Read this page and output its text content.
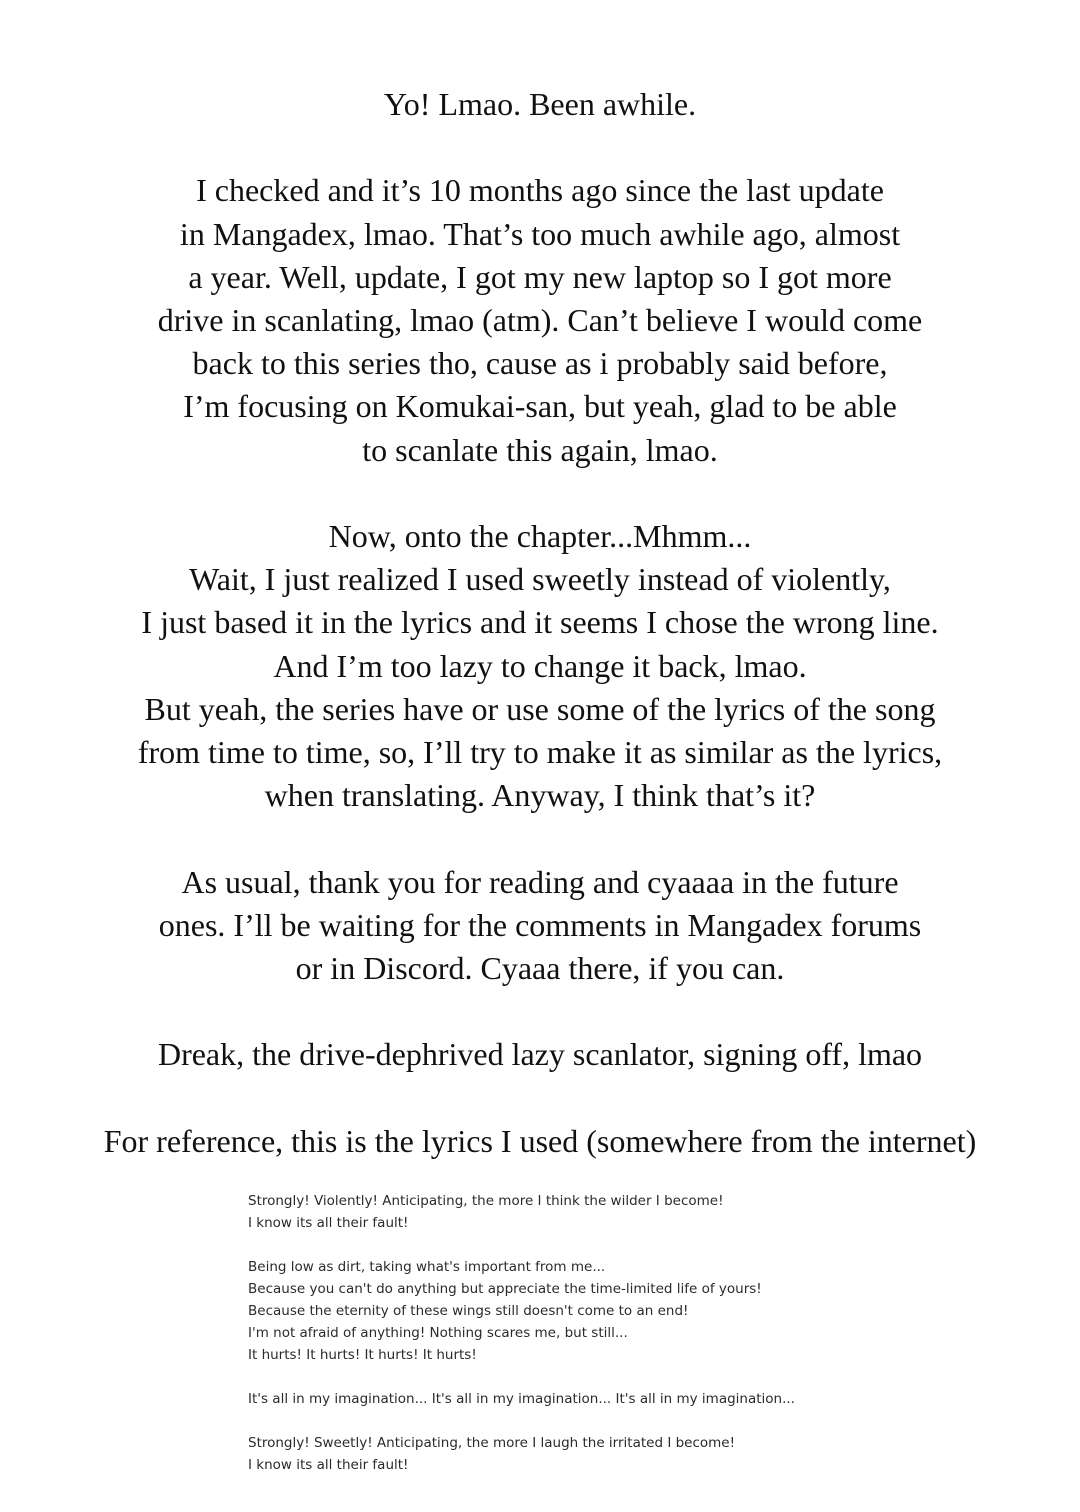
Yo! Lmao. Been awhile.

I checked and it’s 10 months ago since the last update
in Mangadex, lmao. That’s too much awhile ago, almost
a year. Well, update, I got my new laptop so I got more
drive in scanlating, lmao (atm). Can’t believe I would come
back to this series tho, cause as i probably said before,
I’m focusing on Komukai-san, but yeah, glad to be able
to scanlate this again, lmao.

Now, onto the chapter...Mhmm...
Wait, I just realized I used sweetly instead of violently,
I just based it in the lyrics and it seems I chose the wrong line.
And I’m too lazy to change it back, lmao.
But yeah, the series have or use some of the lyrics of the song
from time to time, so, I’ll try to make it as similar as the lyrics,
when translating. Anyway, I think that’s it?

As usual, thank you for reading and cyaaaa in the future
ones. I’ll be waiting for the comments in Mangadex forums
or in Discord. Cyaaa there, if you can.

Dreak, the drive-dephrived lazy scanlator, signing off, lmao

For reference, this is the lyrics I used (somewhere from the internet)

Strongly! Violently! Anticipating, the more I think the wilder I become!
I know its all their fault!

Being low as dirt, taking what's important from me...
Because you can't do anything but appreciate the time-limited life of yours!
Because the eternity of these wings still doesn't come to an end!
I'm not afraid of anything! Nothing scares me, but still...
It hurts! It hurts! It hurts! It hurts!

It's all in my imagination... It's all in my imagination... It's all in my imagination...

Strongly! Sweetly! Anticipating, the more I laugh the irritated I become!
I know its all their fault!
